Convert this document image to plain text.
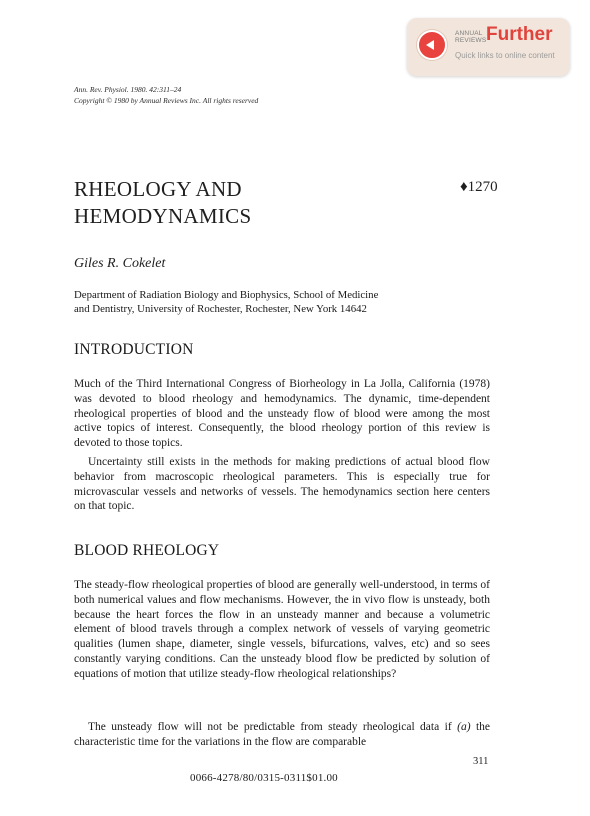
ANNUAL
REVIEWS Further
Quick links to online content
Ann. Rev. Physiol. 1980. 42:311–24
Copyright © 1980 by Annual Reviews Inc. All rights reserved
RHEOLOGY AND
HEMODYNAMICS
♦1270
Giles R. Cokelet
Department of Radiation Biology and Biophysics, School of Medicine
and Dentistry, University of Rochester, Rochester, New York 14642
INTRODUCTION

Much of the Third International Congress of Biorheology in La Jolla, California (1978) was devoted to blood rheology and hemodynamics. The dynamic, time-dependent rheological properties of blood and the unsteady flow of blood were among the most active topics of interest. Consequently, the blood rheology portion of this review is devoted to those topics.

Uncertainty still exists in the methods for making predictions of actual blood flow behavior from macroscopic rheological parameters. This is especially true for microvascular vessels and networks of vessels. The hemodynamics section here centers on that topic.

BLOOD RHEOLOGY

The steady-flow rheological properties of blood are generally well-understood, in terms of both numerical values and flow mechanisms. However, the in vivo flow is unsteady, both because the heart forces the flow in an unsteady manner and because a volumetric element of blood travels through a complex network of vessels of varying geometric qualities (lumen shape, diameter, single vessels, bifurcations, valves, etc) and so sees constantly varying conditions. Can the unsteady blood flow be predicted by solution of equations of motion that utilize steady-flow rheological relationships?

The unsteady flow will not be predictable from steady rheological data if (a) the characteristic time for the variations in the flow are comparable

311
0066-4278/80/0315-0311$01.00
